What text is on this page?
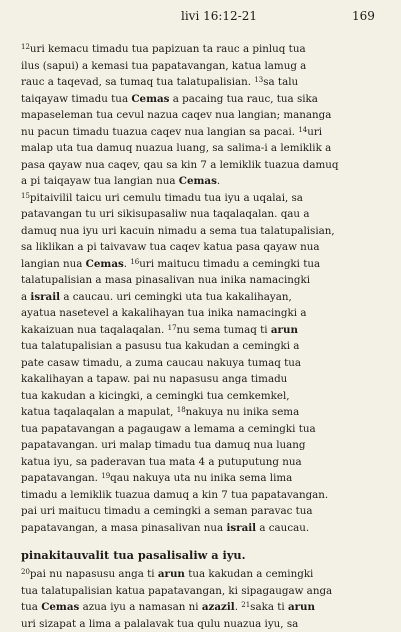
livi 16:12-21	169
$^{12}$uri kemacu timadu tua papizuan ta rauc a pinluq tua
ilus (sapui) a kemasi tua papatavangan, katua lamug a
rauc a taqevad, sa tumaq tua talatupalisian. $^{13}$sa talu
taiqayaw timadu tua Cemas a pacaing tua rauc, tua sika
mapaseleman tua cevul nazua caqev nua langian; mananga
nu pacun timadu tuazua caqev nua langian sa pacai. $^{14}$uri
malap uta tua damuq nuazua luang, sa salima-i a lemiklik a
pasa qayaw nua caqev, qau sa kin 7 a lemiklik tuazua damuq
a pi taiqayaw tua langian nua Cemas.
$^{15}$pitaivilil taicu uri cemulu timadu tua iyu a uqalai, sa
patavangan tu uri sikisupasaliw nua taqalaqalan. qau a
damuq nua iyu uri kacuin nimadu a sema tua talatupalisian,
sa liklikan a pi taivavaw tua caqev katua pasa qayaw nua
langian nua Cemas. $^{16}$uri maitucu timadu a cemingki tua
talatupalisian a masa pinasalivan nua inika namacingki
a israil a caucau. uri cemingki uta tua kakalihayan,
ayatua nasetevel a kakalihayan tua inika namacingki a
kakaizuan nua taqalaqalan. $^{17}$nu sema tumaq ti arun
tua talatupalisian a pasusu tua kakudan a cemingki a
pate casaw timadu, a zuma caucau nakuya tumaq tua
kakalihayan a tapaw. pai nu napasusu anga timadu
tua kakudan a kicingki, a cemingki tua cemkemkel,
katua taqalaqalan a mapulat, $^{18}$nakuya nu inika sema
tua papatavangan a pagaugaw a lemama a cemingki tua
papatavangan. uri malap timadu tua damuq nua luang
katua iyu, sa paderavan tua mata 4 a putuputung nua
papatavangan. $^{19}$qau nakuya uta nu inika sema lima
timadu a lemiklik tuazua damuq a kin 7 tua papatavangan.
pai uri maitucu timadu a cemingki a seman paravac tua
papatavangan, a masa pinasalivan nua israil a caucau.
pinakitauvalit tua pasalisaliw a iyu.
$^{20}$pai nu napasusu anga ti arun tua kakudan a cemingki
tua talatupalisian katua papatavangan, ki sipagaugaw anga
tua Cemas azua iyu a namasan ni azazil. $^{21}$saka ti arun
uri sizapat a lima a palalavak tua qulu nuazua iyu, sa
